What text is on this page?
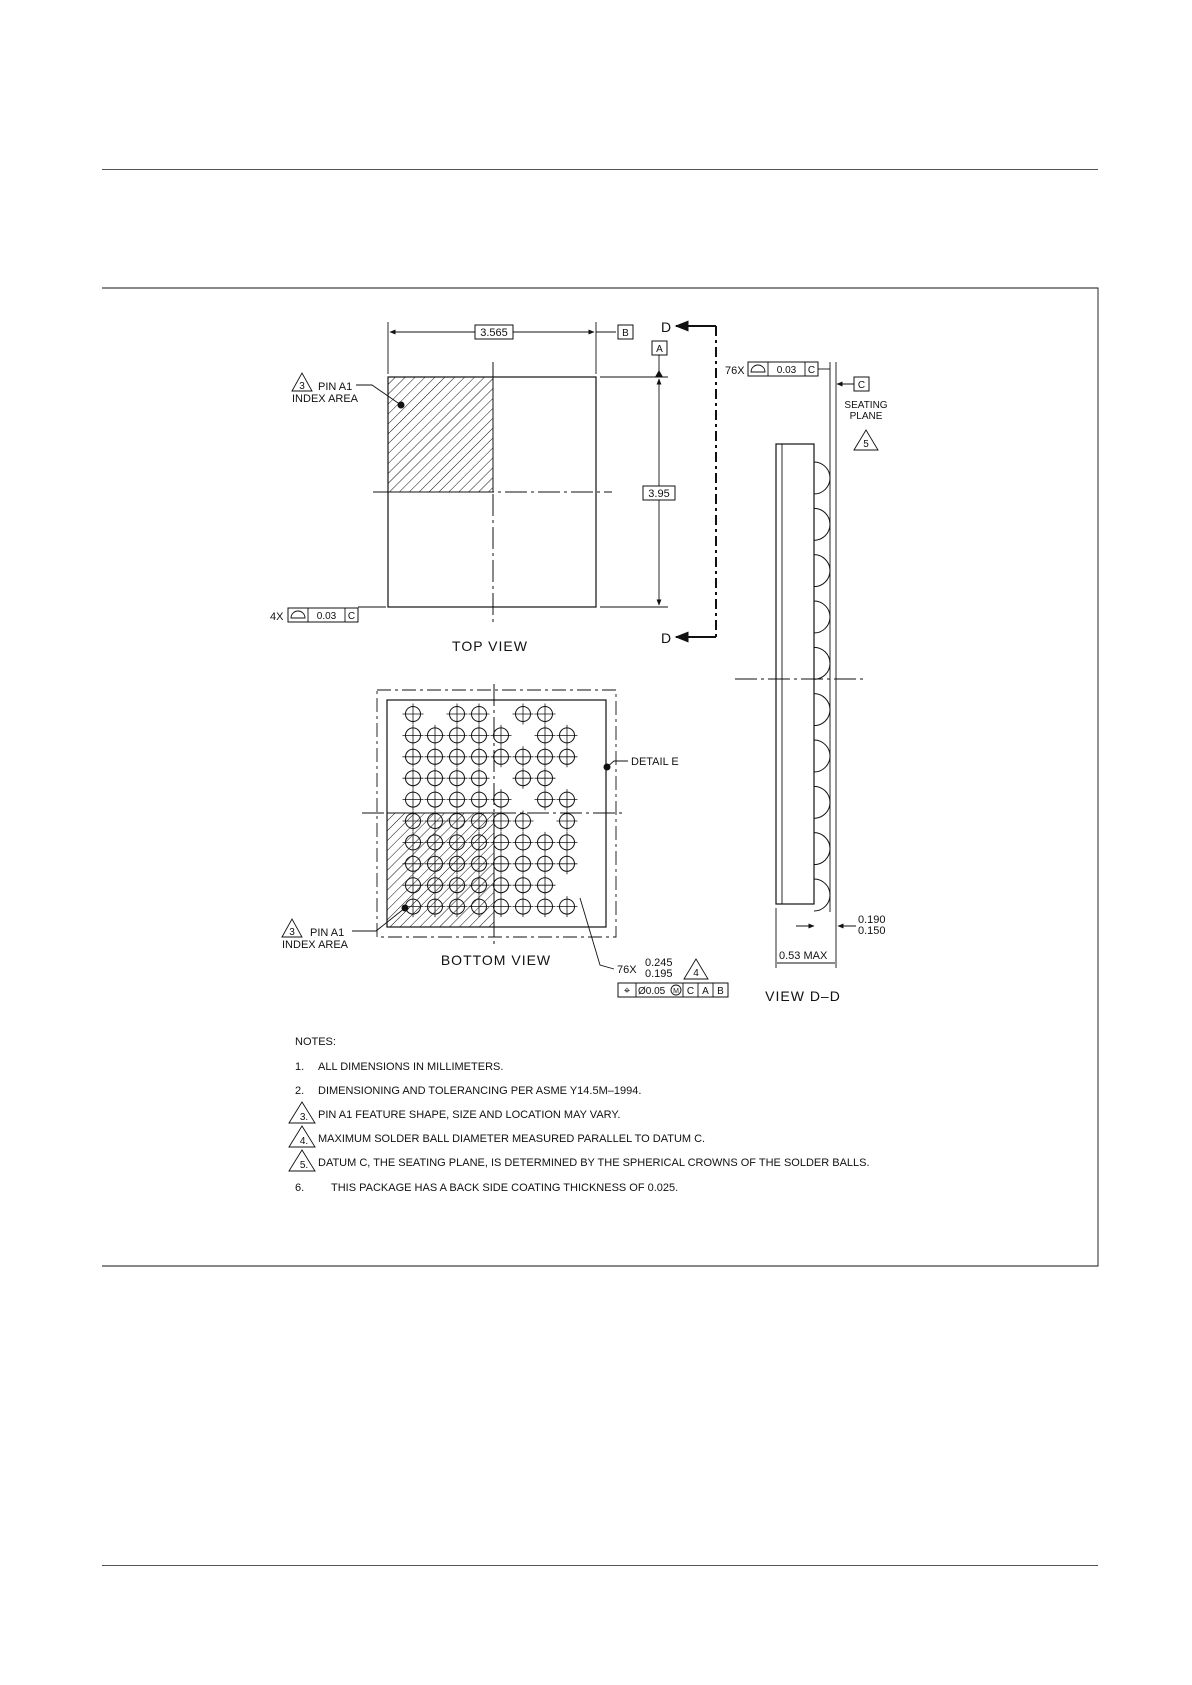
3.565	B
3.95
A
3 PIN A1
INDEX AREA
4X	0.03 C
TOP VIEW
D
D
DETAIL E
3 PIN A1
INDEX AREA
BOTTOM VIEW
76X
0.245
0.195 4
⌖ Ø0.05 M C A B
76X	0.03 C
C
SEATING
PLANE
5
0.53 MAX
0.190
0.150
VIEW D–D
NOTES:
1. ALL DIMENSIONS IN MILLIMETERS.
2. DIMENSIONING AND TOLERANCING PER ASME Y14.5M–1994.
3. PIN A1 FEATURE SHAPE, SIZE AND LOCATION MAY VARY.
4. MAXIMUM SOLDER BALL DIAMETER MEASURED PARALLEL TO DATUM C.
5. DATUM C, THE SEATING PLANE, IS DETERMINED BY THE SPHERICAL CROWNS OF THE SOLDER BALLS.
6. THIS PACKAGE HAS A BACK SIDE COATING THICKNESS OF 0.025.
